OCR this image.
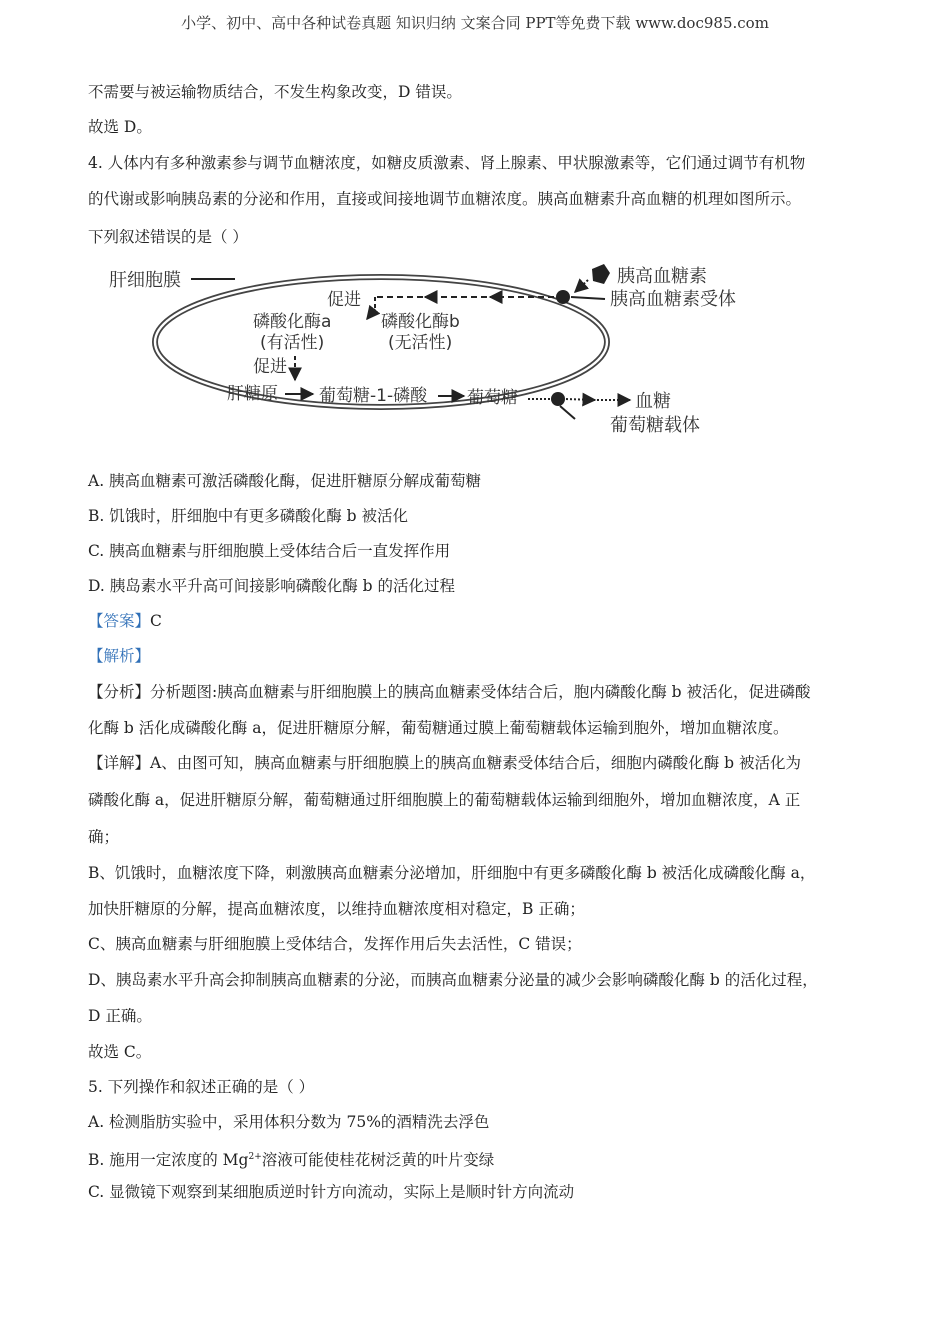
小学、初中、高中各种试卷真题 知识归纳 文案合同 PPT等免费下载 www.doc985.com
不需要与被运输物质结合，不发生构象改变，D 错误。
故选 D。
4. 人体内有多种激素参与调节血糖浓度，如糖皮质激素、肾上腺素、甲状腺激素等，它们通过调节有机物
的代谢或影响胰岛素的分泌和作用，直接或间接地调节血糖浓度。胰高血糖素升高血糖的机理如图所示。
下列叙述错误的是（ ）
肝细胞膜	胰高血糖素
胰高血糖素受体
促进
磷酸化酶a
(有活性)
磷酸化酶b
(无活性)
促进
肝糖原 葡萄糖-1-磷酸 葡萄糖	血糖
葡萄糖载体
A. 胰高血糖素可激活磷酸化酶，促进肝糖原分解成葡萄糖
B. 饥饿时，肝细胞中有更多磷酸化酶 b 被活化
C. 胰高血糖素与肝细胞膜上受体结合后一直发挥作用
D. 胰岛素水平升高可间接影响磷酸化酶 b 的活化过程
【答案】C
【解析】
【分析】分析题图:胰高血糖素与肝细胞膜上的胰高血糖素受体结合后，胞内磷酸化酶 b 被活化，促进磷酸
化酶 b 活化成磷酸化酶 a，促进肝糖原分解，葡萄糖通过膜上葡萄糖载体运输到胞外，增加血糖浓度。
【详解】A、由图可知，胰高血糖素与肝细胞膜上的胰高血糖素受体结合后，细胞内磷酸化酶 b 被活化为
磷酸化酶 a，促进肝糖原分解，葡萄糖通过肝细胞膜上的葡萄糖载体运输到细胞外，增加血糖浓度，A 正
确；
B、饥饿时，血糖浓度下降，刺激胰高血糖素分泌增加，肝细胞中有更多磷酸化酶 b 被活化成磷酸化酶 a，
加快肝糖原的分解，提高血糖浓度，以维持血糖浓度相对稳定，B 正确；
C、胰高血糖素与肝细胞膜上受体结合，发挥作用后失去活性，C 错误；
D、胰岛素水平升高会抑制胰高血糖素的分泌，而胰高血糖素分泌量的减少会影响磷酸化酶 b 的活化过程，
D 正确。
故选 C。
5. 下列操作和叙述正确的是（ ）
A. 检测脂肪实验中，采用体积分数为 75%的酒精洗去浮色
B. 施用一定浓度的 $Mg^{2+}$溶液可能使桂花树泛黄的叶片变绿
C. 显微镜下观察到某细胞质逆时针方向流动，实际上是顺时针方向流动
